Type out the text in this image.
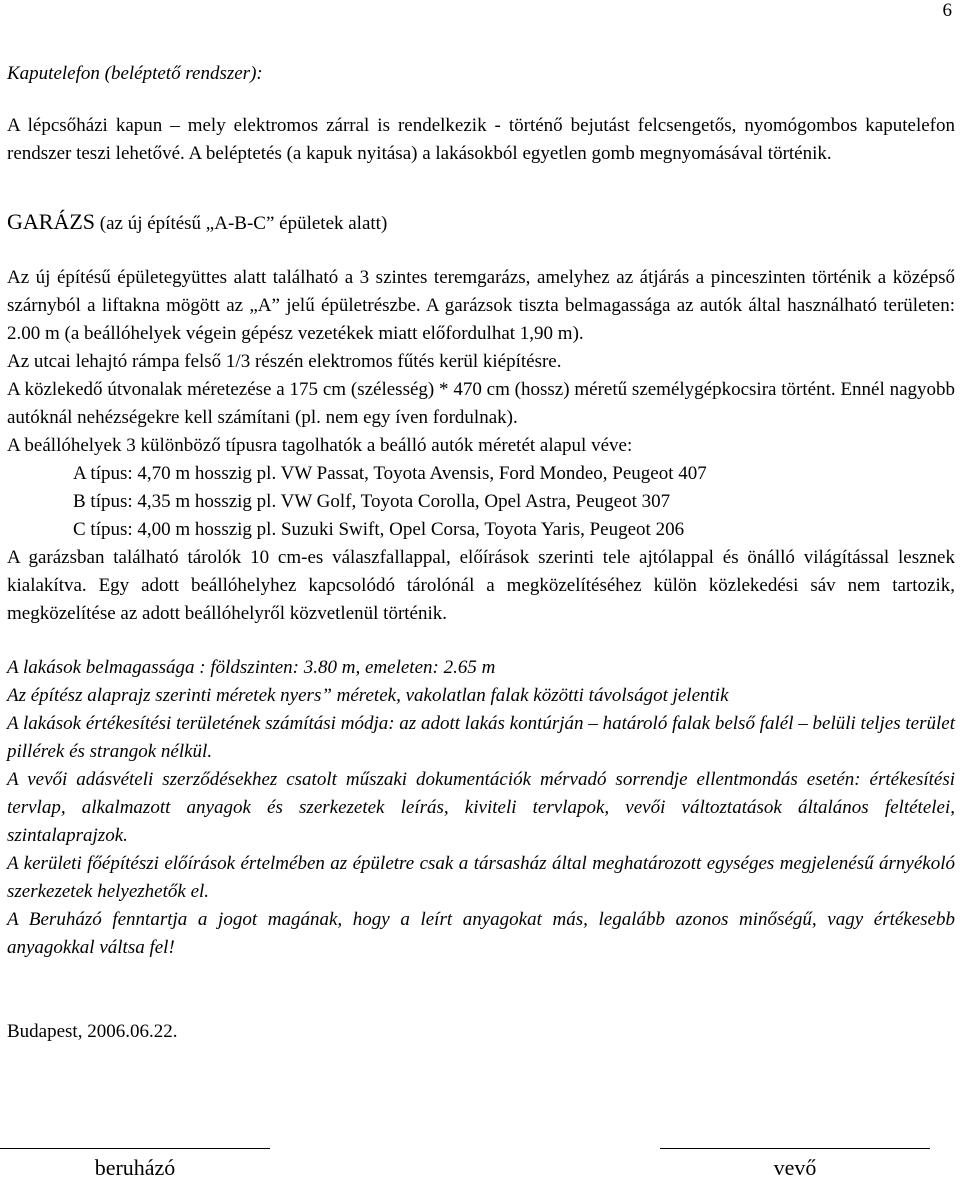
6

Kaputelefon (beléptető rendszer):

A lépcsőházi kapun – mely elektromos zárral is rendelkezik - történő bejutást felcsengetős, nyomógombos kaputelefon rendszer teszi lehetővé. A beléptetés (a kapuk nyitása) a lakásokból egyetlen gomb megnyomásával történik.

GARÁZS (az új építésű „A-B-C” épületek alatt)

Az új építésű épületegyüttes alatt található a 3 szintes teremgarázs, amelyhez az átjárás a pinceszinten történik a középső szárnyból a liftakna mögött az „A” jelű épületrészbe. A garázsok tiszta belmagassága az autók által használható területen: 2.00 m (a beállóhelyek végein gépész vezetékek miatt előfordulhat 1,90 m).

Az utcai lehajtó rámpa felső 1/3 részén elektromos fűtés kerül kiépítésre.

A közlekedő útvonalak méretezése a 175 cm (szélesség) * 470 cm (hossz) méretű személygépkocsira történt. Ennél nagyobb autóknál nehézségekre kell számítani (pl. nem egy íven fordulnak).

A beállóhelyek 3 különböző típusra tagolhatók a beálló autók méretét alapul véve:

A típus: 4,70 m hosszig pl. VW Passat, Toyota Avensis, Ford Mondeo, Peugeot 407

B típus: 4,35 m hosszig pl. VW Golf, Toyota Corolla, Opel Astra, Peugeot 307

C típus: 4,00 m hosszig pl. Suzuki Swift, Opel Corsa, Toyota Yaris, Peugeot 206

A garázsban található tárolók 10 cm-es válaszfallappal, előírások szerinti tele ajtólappal és önálló világítással lesznek kialakítva. Egy adott beállóhelyhez kapcsolódó tárolónál a megközelítéséhez külön közlekedési sáv nem tartozik, megközelítése az adott beállóhelyről közvetlenül történik.

A lakások belmagassága : földszinten: 3.80 m, emeleten: 2.65 m

Az építész alaprajz szerinti méretek nyers” méretek, vakolatlan falak közötti távolságot jelentik

A lakások értékesítési területének számítási módja: az adott lakás kontúrján – határoló falak belső falél – belüli teljes terület pillérek és strangok nélkül.

A vevői adásvételi szerződésekhez csatolt műszaki dokumentációk mérvadó sorrendje ellentmondás esetén: értékesítési tervlap, alkalmazott anyagok és szerkezetek leírás, kiviteli tervlapok, vevői változtatások általános feltételei, szintalaprajzok.

A kerületi főépítészi előírások értelmében az épületre csak a társasház által meghatározott egységes megjelenésű árnyékoló szerkezetek helyezhetők el.

A Beruházó fenntartja a jogot magának, hogy a leírt anyagokat más, legalább azonos minőségű, vagy értékesebb anyagokkal váltsa fel!

Budapest, 2006.06.22.

beruházó	vevő
